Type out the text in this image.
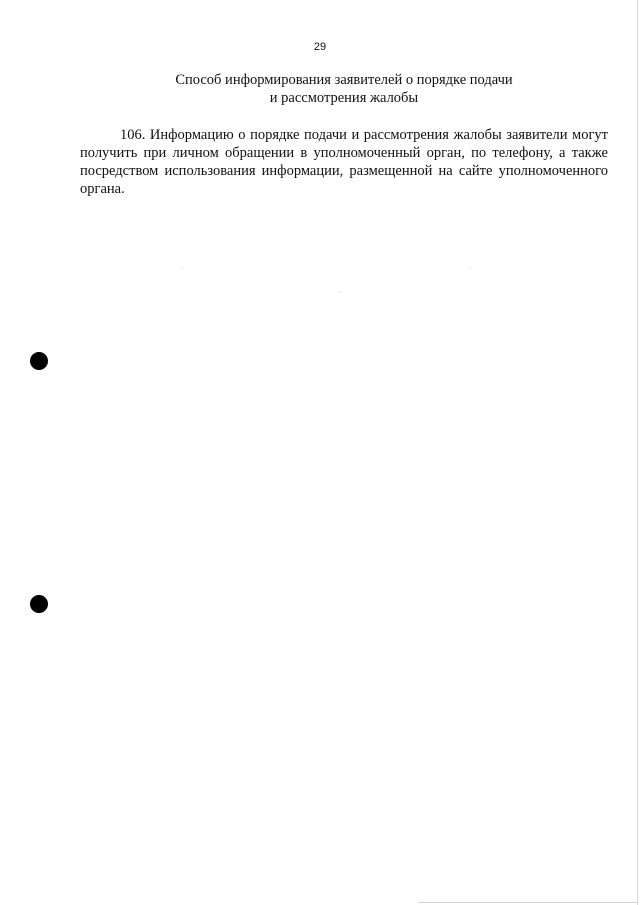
29
Способ информирования заявителей о порядке подачи
и рассмотрения жалобы

106. Информацию о порядке подачи и рассмотрения жалобы заявители могут получить при личном обращении в уполномоченный орган, по телефону, а также посредством использования информации, размещенной на сайте уполномоченного органа.
